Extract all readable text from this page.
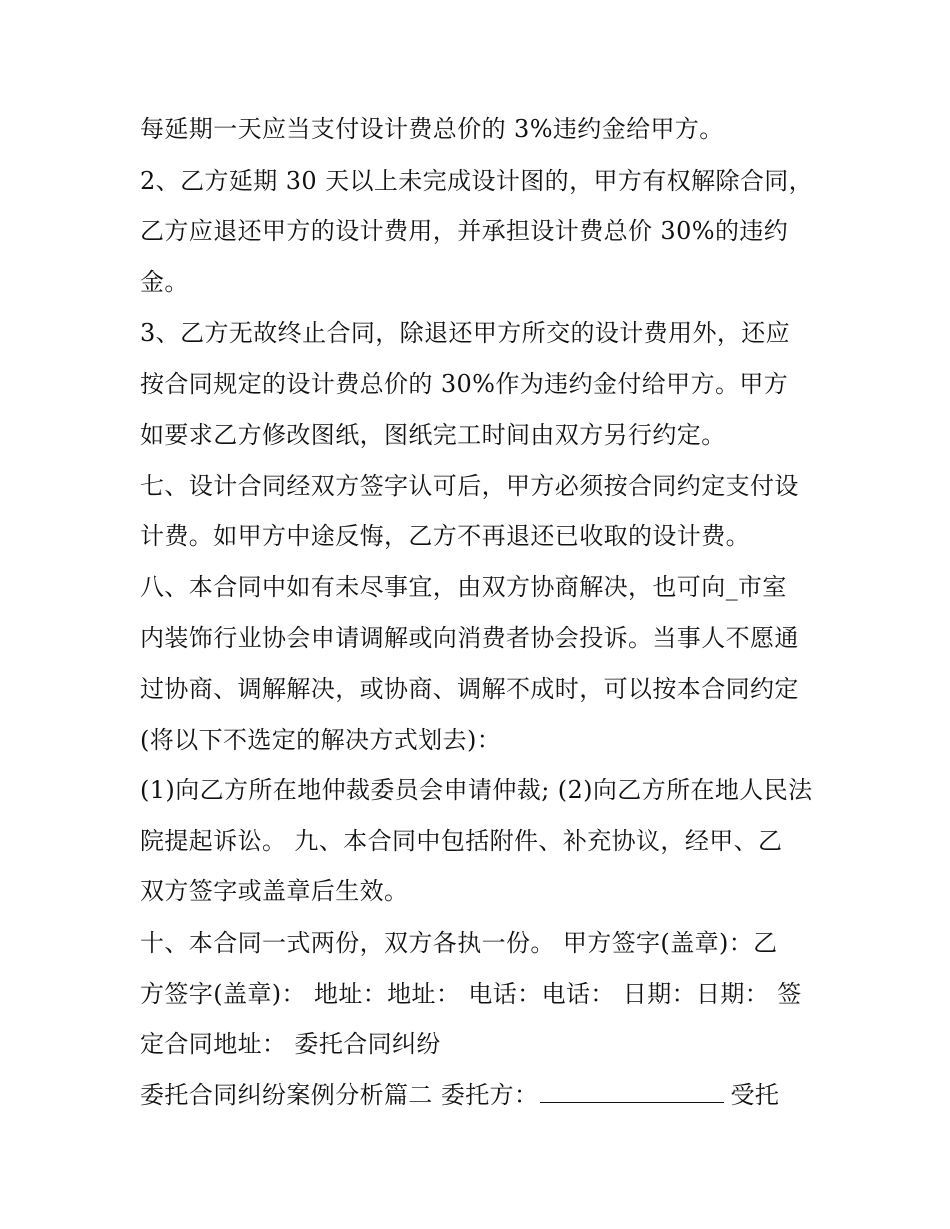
每延期一天应当支付设计费总价的 3%违约金给甲方。
2、乙方延期 30 天以上未完成设计图的，甲方有权解除合同，
乙方应退还甲方的设计费用，并承担设计费总价 30%的违约
金。
3、乙方无故终止合同，除退还甲方所交的设计费用外，还应
按合同规定的设计费总价的 30%作为违约金付给甲方。甲方
如要求乙方修改图纸，图纸完工时间由双方另行约定。
七、设计合同经双方签字认可后，甲方必须按合同约定支付设
计费。如甲方中途反悔，乙方不再退还已收取的设计费。
八、本合同中如有未尽事宜，由双方协商解决，也可向_市室
内装饰行业协会申请调解或向消费者协会投诉。当事人不愿通
过协商、调解解决，或协商、调解不成时，可以按本合同约定
(将以下不选定的解决方式划去)：
(1)向乙方所在地仲裁委员会申请仲裁; (2)向乙方所在地人民法
院提起诉讼。 九、本合同中包括附件、补充协议，经甲、乙
双方签字或盖章后生效。
十、本合同一式两份，双方各执一份。 甲方签字(盖章)：乙
方签字(盖章)： 地址：地址： 电话：电话： 日期：日期： 签
定合同地址： 委托合同纠纷
委托合同纠纷案例分析篇二 委托方：	受托
